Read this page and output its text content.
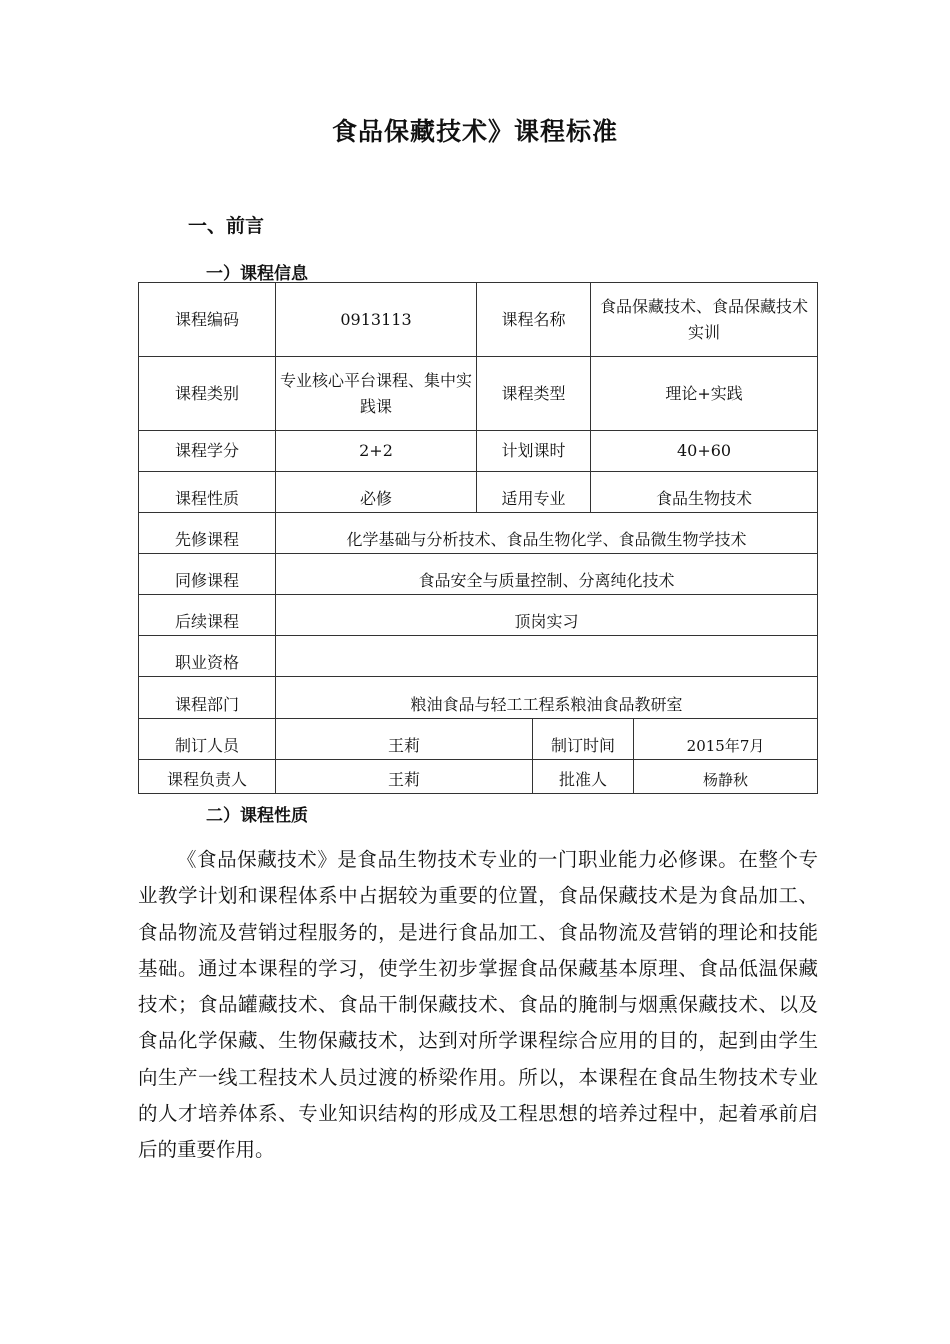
食品保藏技术》课程标准
一、前言
一）课程信息
课程编码	0913113	课程名称		食品保藏技术、食品保藏技术实训	
课程类别	专业核心平台课程、集中实践课	课程类型		理论+实践	
课程学分	2+2	计划课时		40+60	
课程性质	必修	适用专业		食品生物技术	
先修课程	化学基础与分析技术、食品生物化学、食品微生物学技术				
同修课程	食品安全与质量控制、分离纯化技术				
后续课程	顶岗实习				
职业资格					
课程部门	粮油食品与轻工工程系粮油食品教研室				
制订人员	王莉		制订时间		2015年7月
课程负责人	王莉		批准人		杨静秋
二）课程性质

《食品保藏技术》是食品生物技术专业的一门职业能力必修课。在整个专业教学计划和课程体系中占据较为重要的位置，食品保藏技术是为食品加工、食品物流及营销过程服务的，是进行食品加工、食品物流及营销的理论和技能基础。通过本课程的学习，使学生初步掌握食品保藏基本原理、食品低温保藏技术；食品罐藏技术、食品干制保藏技术、食品的腌制与烟熏保藏技术、以及食品化学保藏、生物保藏技术，达到对所学课程综合应用的目的，起到由学生向生产一线工程技术人员过渡的桥梁作用。所以，本课程在食品生物技术专业的人才培养体系、专业知识结构的形成及工程思想的培养过程中，起着承前启后的重要作用。
